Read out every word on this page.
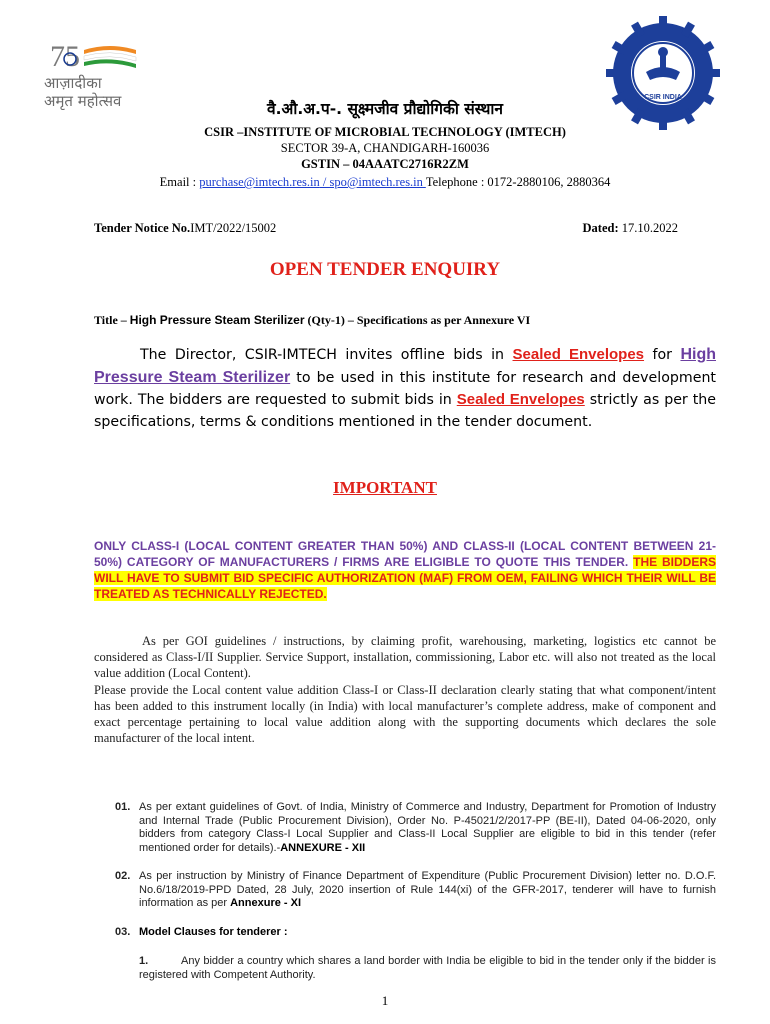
75
आज़ादीका
अमृत महोत्सव	CSIR INDIA
वै.औ.अ.प-. सूक्ष्मजीव प्रौद्योगिकी संस्थान
CSIR –INSTITUTE OF MICROBIAL TECHNOLOGY (IMTECH)
SECTOR 39-A, CHANDIGARH-160036
GSTIN – 04AAATC2716R2ZM
Email : purchase@imtech.res.in / spo@imtech.res.in Telephone : 0172-2880106, 2880364
Tender Notice No.IMT/2022/15002	Dated: 17.10.2022
OPEN TENDER ENQUIRY
Title – High Pressure Steam Sterilizer (Qty-1) – Specifications as per Annexure VI
The Director, CSIR-IMTECH invites offline bids in Sealed Envelopes for High Pressure Steam Sterilizer to be used in this institute for research and development work. The bidders are requested to submit bids in Sealed Envelopes strictly as per the specifications, terms & conditions mentioned in the tender document.
IMPORTANT
ONLY CLASS-I (LOCAL CONTENT GREATER THAN 50%) AND CLASS-II (LOCAL CONTENT BETWEEN 21-50%) CATEGORY OF MANUFACTURERS / FIRMS ARE ELIGIBLE TO QUOTE THIS TENDER. THE BIDDERS WILL HAVE TO SUBMIT BID SPECIFIC AUTHORIZATION (MAF) FROM OEM, FAILING WHICH THEIR WILL BE TREATED AS TECHNICALLY REJECTED.
As per GOI guidelines / instructions, by claiming profit, warehousing, marketing, logistics etc cannot be considered as Class-I/II Supplier. Service Support, installation, commissioning, Labor etc. will also not treated as the local value addition (Local Content).
Please provide the Local content value addition Class-I or Class-II declaration clearly stating that what component/intent has been added to this instrument locally (in India) with local manufacturer’s complete address, make of component and exact percentage pertaining to local value addition along with the supporting documents which declares the sole manufacturer of the local intent.
01. As per extant guidelines of Govt. of India, Ministry of Commerce and Industry, Department for Promotion of Industry and Internal Trade (Public Procurement Division), Order No. P-45021/2/2017-PP (BE-II), Dated 04-06-2020, only bidders from category Class-I Local Supplier and Class-II Local Supplier are eligible to bid in this tender (refer mentioned order for details).-ANNEXURE - XII
02. As per instruction by Ministry of Finance Department of Expenditure (Public Procurement Division) letter no. D.O.F. No.6/18/2019-PPD Dated, 28 July, 2020 insertion of Rule 144(xi) of the GFR-2017, tenderer will have to furnish information as per Annexure - XI
03. Model Clauses for tenderer :
1.	Any bidder a country which shares a land border with India be eligible to bid in the tender only if the bidder is registered with Competent Authority.
1
